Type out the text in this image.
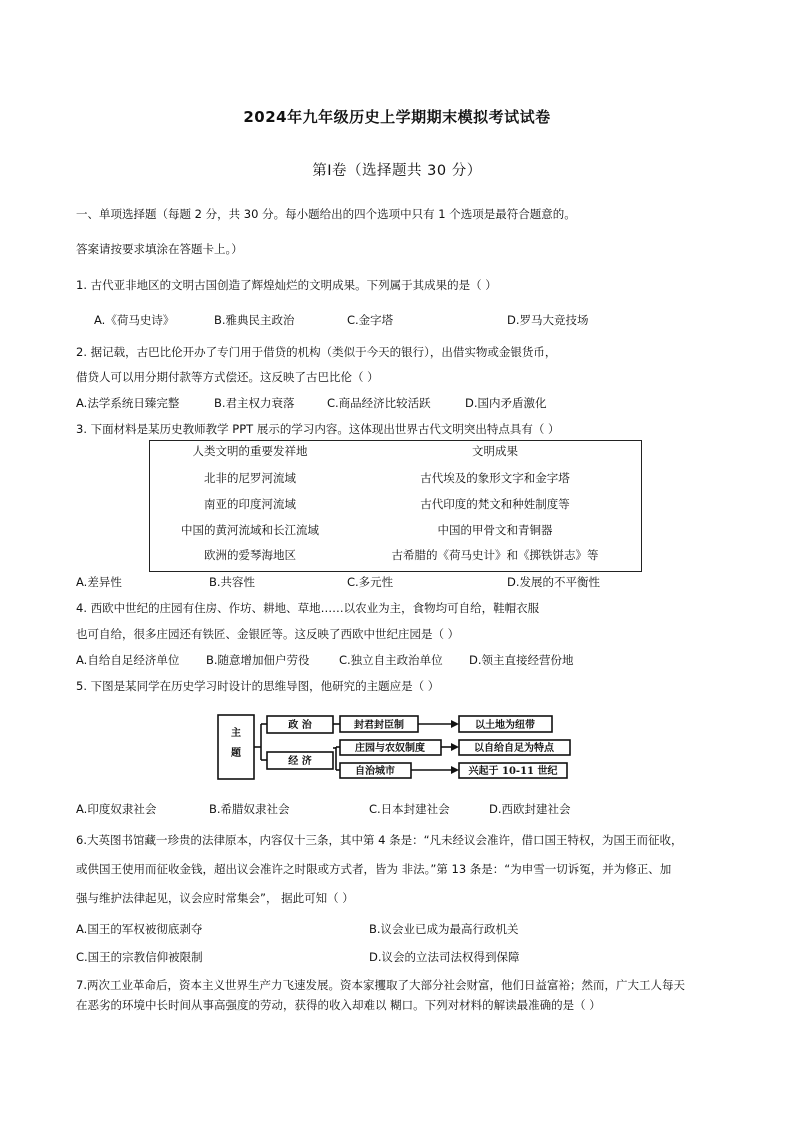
2024年九年级历史上学期期末模拟考试试卷
第Ⅰ卷（选择题共 30 分）
一、单项选择题（每题 2 分，共 30 分。每小题给出的四个选项中只有 1 个选项是最符合题意的。
答案请按要求填涂在答题卡上。）
1. 古代亚非地区的文明古国创造了辉煌灿烂的文明成果。下列属于其成果的是（ ）
A.《荷马史诗》	B.雅典民主政治	C.金字塔	D.罗马大竞技场
2. 据记载，古巴比伦开办了专门用于借贷的机构（类似于今天的银行），出借实物或金银货币，
借贷人可以用分期付款等方式偿还。这反映了古巴比伦（ ）
A.法学系统日臻完整	B.君主权力衰落	C.商品经济比较活跃	D.国内矛盾激化
3. 下面材料是某历史教师教学 PPT 展示的学习内容。这体现出世界古代文明突出特点具有（ ）
人类文明的重要发祥地	文明成果
北非的尼罗河流域	古代埃及的象形文字和金字塔
南亚的印度河流域	古代印度的梵文和种姓制度等
中国的黄河流域和长江流域	中国的甲骨文和青铜器
欧洲的爱琴海地区	古希腊的《荷马史计》和《掷铁饼志》等
A.差异性	B.共容性	C.多元性	D.发展的不平衡性
4. 西欧中世纪的庄园有住房、作坊、耕地、草地……以农业为主，食物均可自给，鞋帽衣服
也可自给，很多庄园还有铁匠、金银匠等。这反映了西欧中世纪庄园是（ ）
A.自给自足经济单位 B.随意增加佃户劳役	C.独立自主政治单位 D.领主直接经营份地
5. 下图是某同学在历史学习时设计的思维导图，他研究的主题应是（ ）
主
题
政 治
经 济
封君封臣制
庄园与农奴制度
自治城市
以土地为纽带
以自给自足为特点
兴起于 10-11 世纪
A.印度奴隶社会	B.希腊奴隶社会	C.日本封建社会	D.西欧封建社会
6.大英图书馆藏一珍贵的法律原本，内容仅十三条，其中第 4 条是：“凡未经议会准许，借口国王特权，为国王而征收，
或供国王使用而征收金钱，超出议会准许之时限或方式者，皆为 非法。”第 13 条是：“为申雪一切诉冤，并为修正、加
强与维护法律起见，议会应时常集会”， 据此可知（ ）
A.国王的军权被彻底剥夺	B.议会业已成为最高行政机关
C.国王的宗教信仰被限制	D.议会的立法司法权得到保障
7.两次工业革命后，资本主义世界生产力飞速发展。资本家攫取了大部分社会财富，他们日益富裕；然而，广大工人每天
在恶劣的环境中长时间从事高强度的劳动，获得的收入却难以 糊口。下列对材料的解读最准确的是（ ）
